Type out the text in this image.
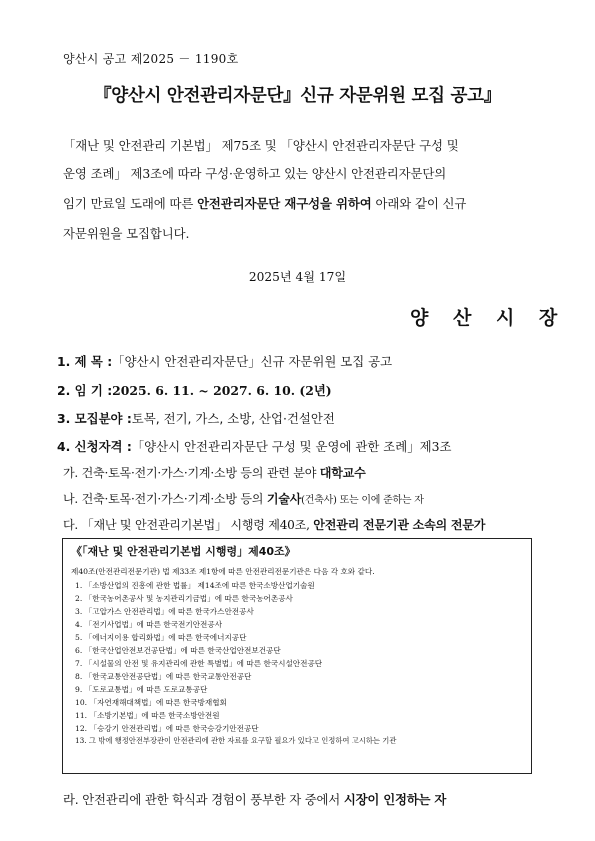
양산시 공고 제2025 － 1190호
『양산시 안전관리자문단』신규 자문위원 모집 공고』
「재난 및 안전관리 기본법」 제75조 및 「양산시 안전관리자문단 구성 및
운영 조례」 제3조에 따라 구성·운영하고 있는 양산시 안전관리자문단의
임기 만료일 도래에 따른 안전관리자문단 재구성을 위하여 아래와 같이 신규
자문위원을 모집합니다.
2025년 4월 17일
양 산 시 장
1. 제 목 :「양산시 안전관리자문단」신규 자문위원 모집 공고
2. 임 기 :2025. 6. 11. ~ 2027. 6. 10. (2년)
3. 모집분야 :토목, 전기, 가스, 소방, 산업·건설안전
4. 신청자격 :「양산시 안전관리자문단 구성 및 운영에 관한 조례」제3조
가. 건축·토목·전기·가스·기계·소방 등의 관련 분야 대학교수
나. 건축·토목·전기·가스·기계·소방 등의 기술사(건축사) 또는 이에 준하는 자
다. 「재난 및 안전관리기본법」 시행령 제40조, 안전관리 전문기관 소속의 전문가
《「재난 및 안전관리기본법 시행령」제40조》
제40조(안전관리전문기관) 법 제33조 제1항에 따른 안전관리전문기관은 다음 각 호와 같다.
1. 「소방산업의 진흥에 관한 법률」 제14조에 따른 한국소방산업기술원
2. 「한국농어촌공사 및 농지관리기금법」에 따른 한국농어촌공사
3. 「고압가스 안전관리법」에 따른 한국가스안전공사
4. 「전기사업법」에 따른 한국전기안전공사
5. 「에너지이용 합리화법」에 따른 한국에너지공단
6. 「한국산업안전보건공단법」에 따른 한국산업안전보건공단
7. 「시설물의 안전 및 유지관리에 관한 특별법」에 따른 한국시설안전공단
8. 「한국교통안전공단법」에 따른 한국교통안전공단
9. 「도로교통법」에 따른 도로교통공단
10. 「자연재해대책법」에 따른 한국방재협회
11. 「소방기본법」에 따른 한국소방안전원
12. 「승강기 안전관리법」에 따른 한국승강기안전공단
13. 그 밖에 행정안전부장관이 안전관리에 관한 자료를 요구할 필요가 있다고 인정하여 고시하는 기관
라. 안전관리에 관한 학식과 경험이 풍부한 자 중에서 시장이 인정하는 자
